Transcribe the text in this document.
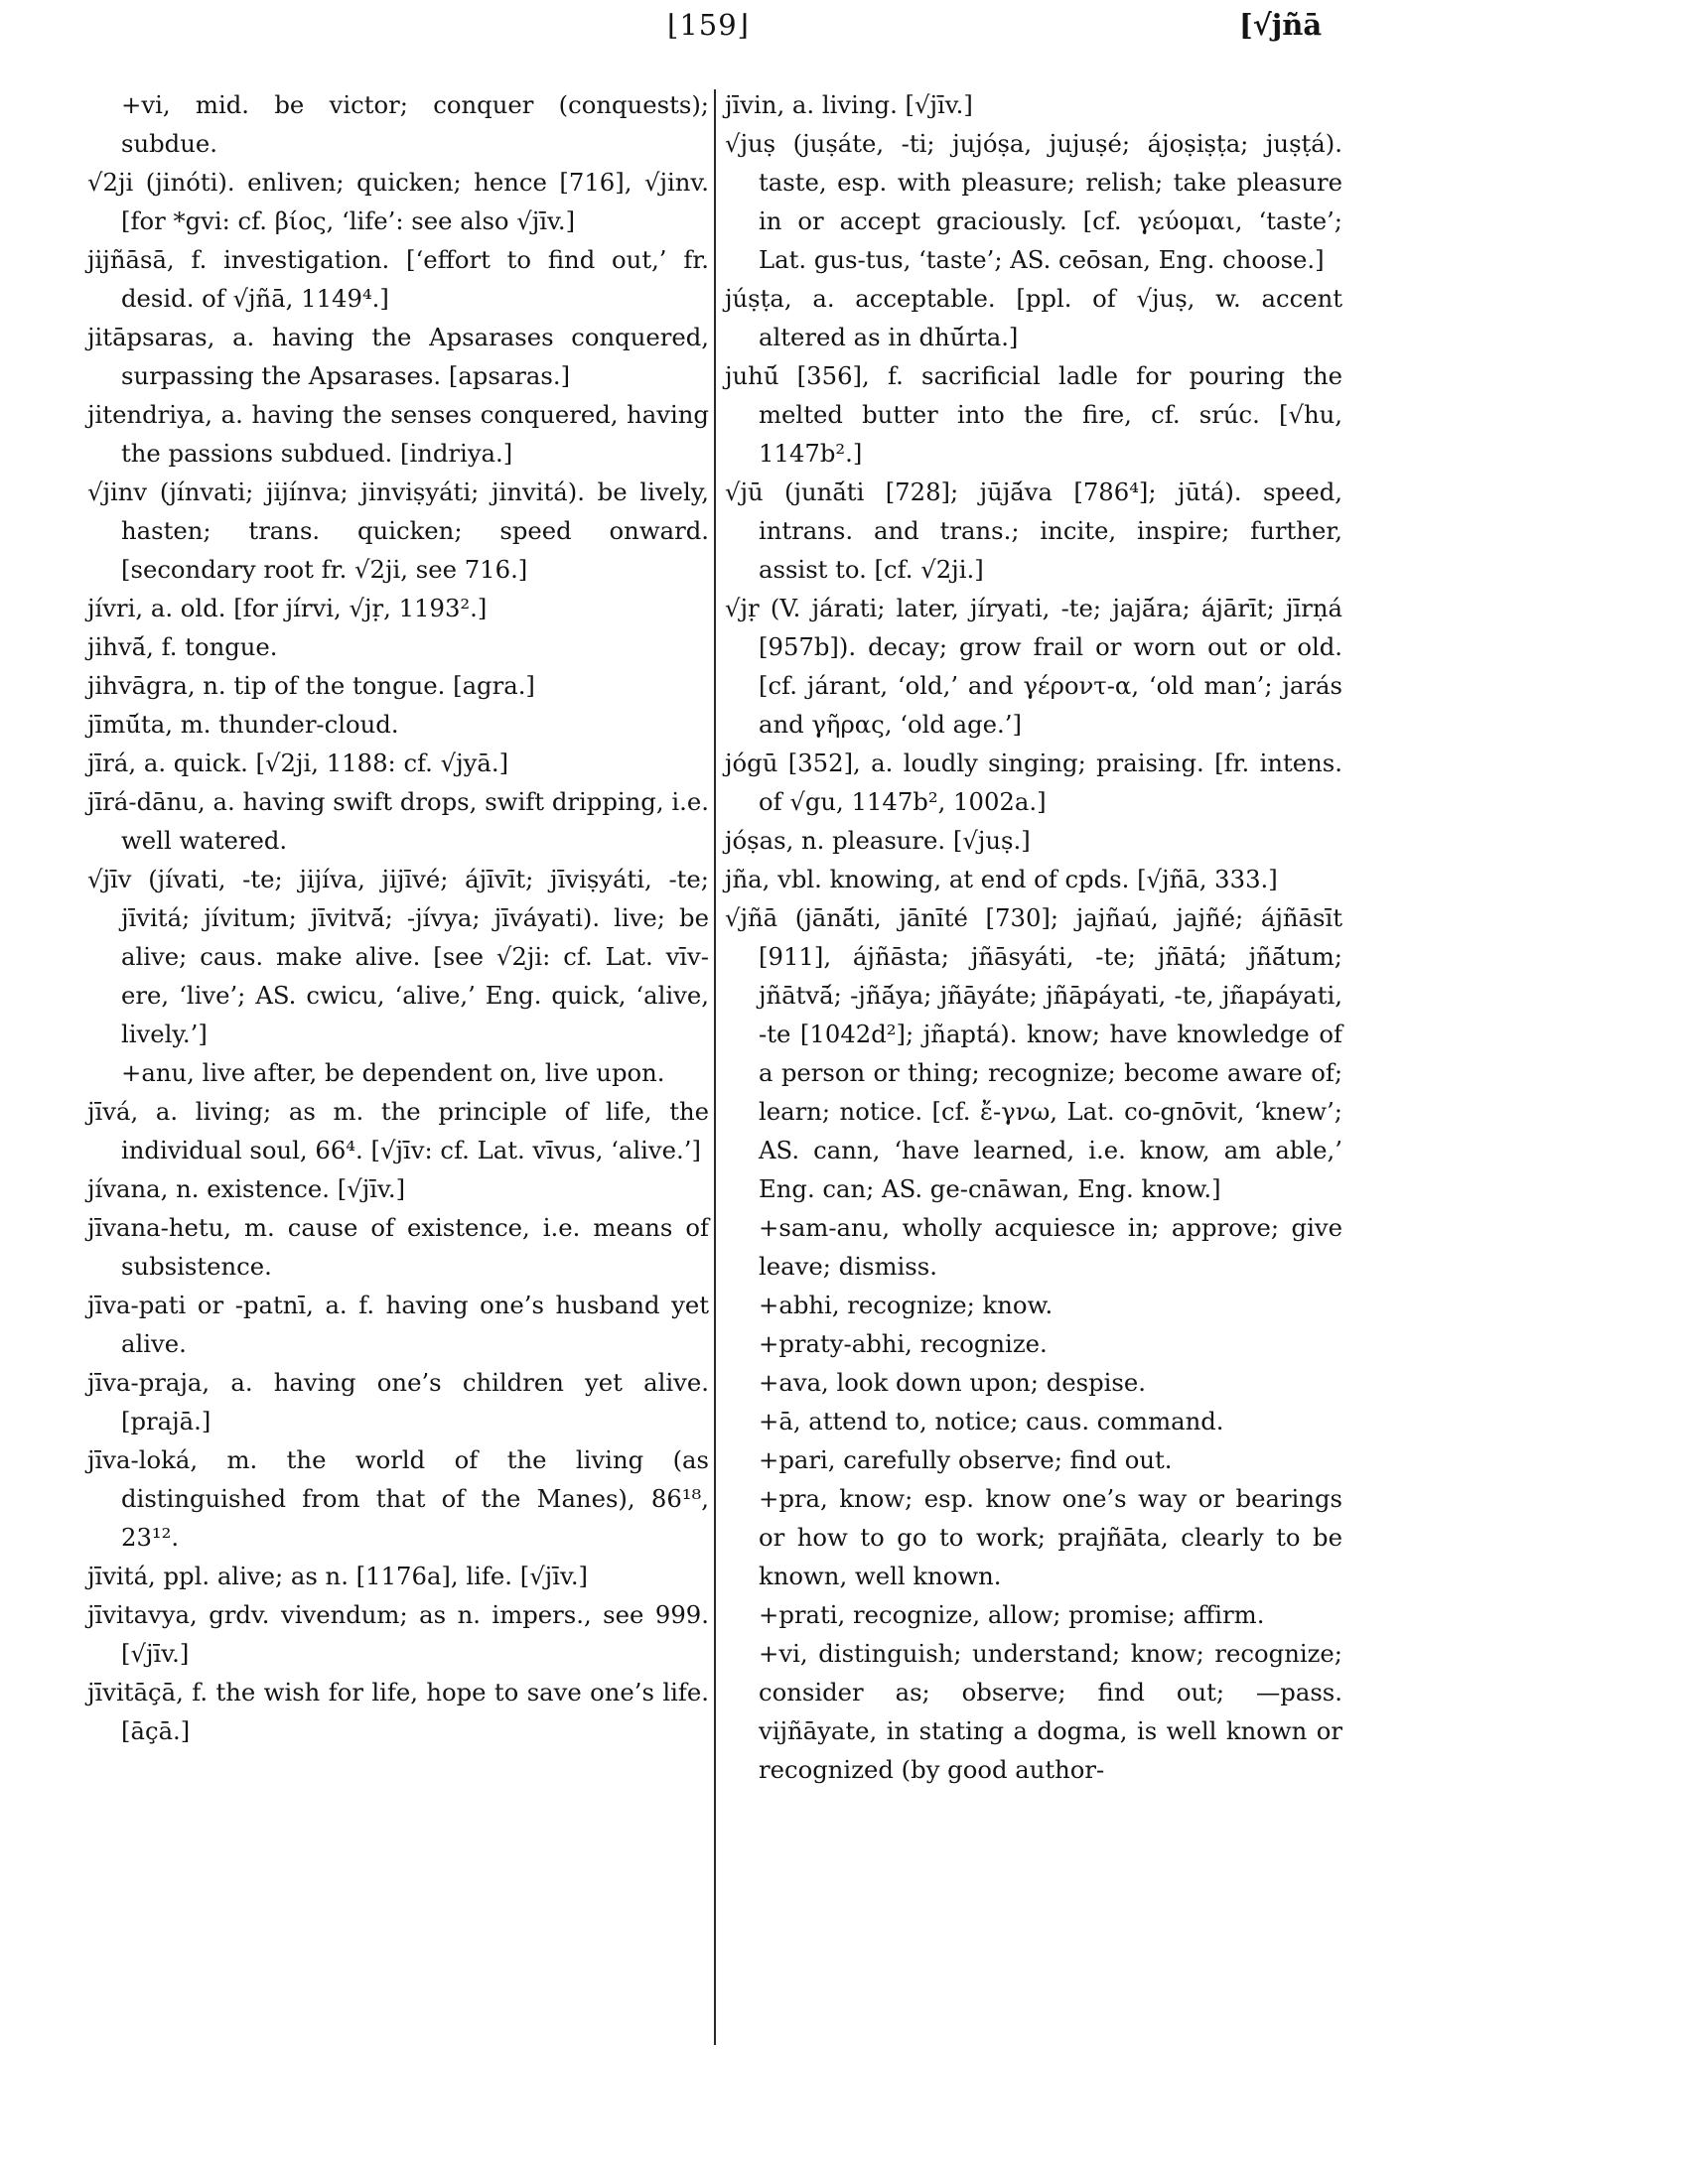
⌊159⌋	[√jñā

+vi, mid. be victor; conquer (conquests); subdue.

√2ji (jinóti). enliven; quicken; hence [716], √jinv. [for *gvi: cf. βίος, ‘life’: see also √jīv.]

jijñāsā, f. investigation. [‘effort to find out,’ fr. desid. of √jñā, 1149⁴.]

jitāpsaras, a. having the Apsarases conquered, surpassing the Apsarases. [apsaras.]

jitendriya, a. having the senses conquered, having the passions subdued. [indriya.]

√jinv (jínvati; jijínva; jinviṣyáti; jinvitá). be lively, hasten; trans. quicken; speed onward. [secondary root fr. √2ji, see 716.]

jívri, a. old. [for jírvi, √jṛ, 1193².]

jihvā́, f. tongue.

jihvāgra, n. tip of the tongue. [agra.]

jīmū́ta, m. thunder-cloud.

jīrá, a. quick. [√2ji, 1188: cf. √jyā.]

jīrá-dānu, a. having swift drops, swift dripping, i.e. well watered.

√jīv (jívati, -te; jijíva, jijīvé; ájīvīt; jīviṣyáti, -te; jīvitá; jívitum; jīvitvā́; -jívya; jīváyati). live; be alive; caus. make alive. [see √2ji: cf. Lat. vīv-ere, ‘live’; AS. cwicu, ‘alive,’ Eng. quick, ‘alive, lively.’]

+anu, live after, be dependent on, live upon.

jīvá, a. living; as m. the principle of life, the individual soul, 66⁴. [√jīv: cf. Lat. vīvus, ‘alive.’]

jívana, n. existence. [√jīv.]

jīvana-hetu, m. cause of existence, i.e. means of subsistence.

jīva-pati or -patnī, a. f. having one’s husband yet alive.

jīva-praja, a. having one’s children yet alive. [prajā.]

jīva-loká, m. the world of the living (as distinguished from that of the Manes), 86¹⁸, 23¹².

jīvitá, ppl. alive; as n. [1176a], life. [√jīv.]

jīvitavya, grdv. vivendum; as n. impers., see 999. [√jīv.]

jīvitāçā, f. the wish for life, hope to save one’s life. [āçā.]

jīvin, a. living. [√jīv.]

√juṣ (juṣáte, -ti; jujóṣa, jujuṣé; ájoṣiṣṭa; juṣṭá). taste, esp. with pleasure; relish; take pleasure in or accept graciously. [cf. γεύομαι, ‘taste’; Lat. gus-tus, ‘taste’; AS. ceōsan, Eng. choose.]

júṣṭa, a. acceptable. [ppl. of √juṣ, w. accent altered as in dhū́rta.]

juhū́ [356], f. sacrificial ladle for pouring the melted butter into the fire, cf. srúc. [√hu, 1147b².]

√jū (junā́ti [728]; jūjā́va [786⁴]; jūtá). speed, intrans. and trans.; incite, inspire; further, assist to. [cf. √2ji.]

√jṛ (V. járati; later, jíryati, -te; jajā́ra; ájārīt; jīrṇá [957b]). decay; grow frail or worn out or old. [cf. járant, ‘old,’ and γέροντ-α, ‘old man’; jarás and γῆρας, ‘old age.’]

jógū [352], a. loudly singing; praising. [fr. intens. of √gu, 1147b², 1002a.]

jóṣas, n. pleasure. [√juṣ.]

jña, vbl. knowing, at end of cpds. [√jñā, 333.]

√jñā (jānā́ti, jānīté [730]; jajñaú, jajñé; ájñāsīt [911], ájñāsta; jñāsyáti, -te; jñātá; jñā́tum; jñātvā́; -jñā́ya; jñāyáte; jñāpáyati, -te, jñapáyati, -te [1042d²]; jñaptá). know; have knowledge of a person or thing; recognize; become aware of; learn; notice. [cf. ἔ-γνω, Lat. co-gnōvit, ‘knew’; AS. cann, ‘have learned, i.e. know, am able,’ Eng. can; AS. ge-cnāwan, Eng. know.]

+sam-anu, wholly acquiesce in; approve; give leave; dismiss.

+abhi, recognize; know.

+praty-abhi, recognize.

+ava, look down upon; despise.

+ā, attend to, notice; caus. command.

+pari, carefully observe; find out.

+pra, know; esp. know one’s way or bearings or how to go to work; prajñāta, clearly to be known, well known.

+prati, recognize, allow; promise; affirm.

+vi, distinguish; understand; know; recognize; consider as; observe; find out; —pass. vijñāyate, in stating a dogma, is well known or recognized (by good author-
